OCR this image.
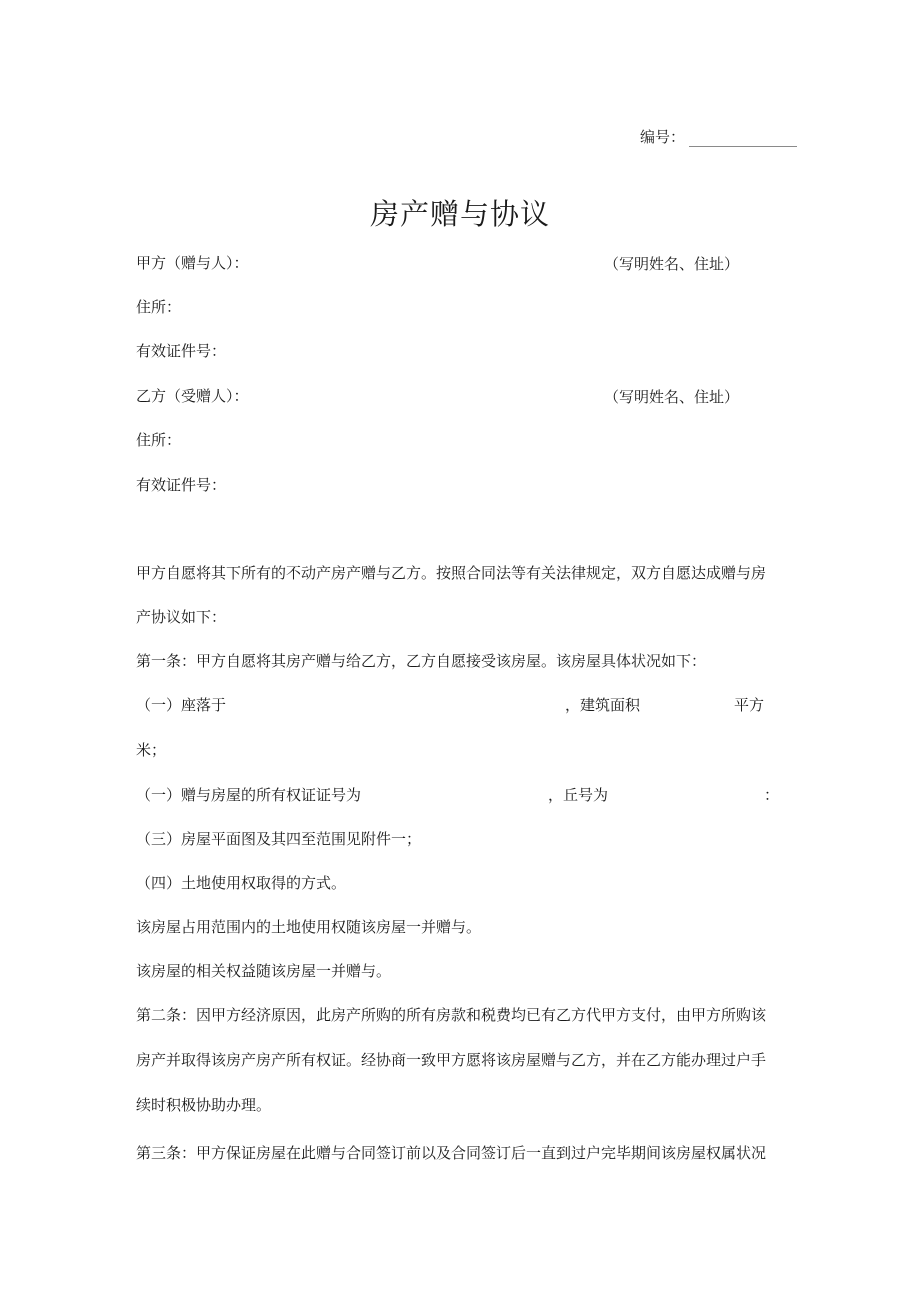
编号：
房产赠与协议
甲方（赠与人）：	（写明姓名、住址）
住所：
有效证件号：
乙方（受赠人）：	（写明姓名、住址）
住所：
有效证件号：
甲方自愿将其下所有的不动产房产赠与乙方。按照合同法等有关法律规定，双方自愿达成赠与房
产协议如下：
第一条：甲方自愿将其房产赠与给乙方，乙方自愿接受该房屋。该房屋具体状况如下：
（一）座落于	，建筑面积	平方
米；
（一）赠与房屋的所有权证证号为	，丘号为	：
（三）房屋平面图及其四至范围见附件一；
（四）土地使用权取得的方式。
该房屋占用范围内的土地使用权随该房屋一并赠与。
该房屋的相关权益随该房屋一并赠与。
第二条：因甲方经济原因，此房产所购的所有房款和税费均已有乙方代甲方支付，由甲方所购该
房产并取得该房产房产所有权证。经协商一致甲方愿将该房屋赠与乙方，并在乙方能办理过户手
续时积极协助办理。
第三条：甲方保证房屋在此赠与合同签订前以及合同签订后一直到过户完毕期间该房屋权属状况
